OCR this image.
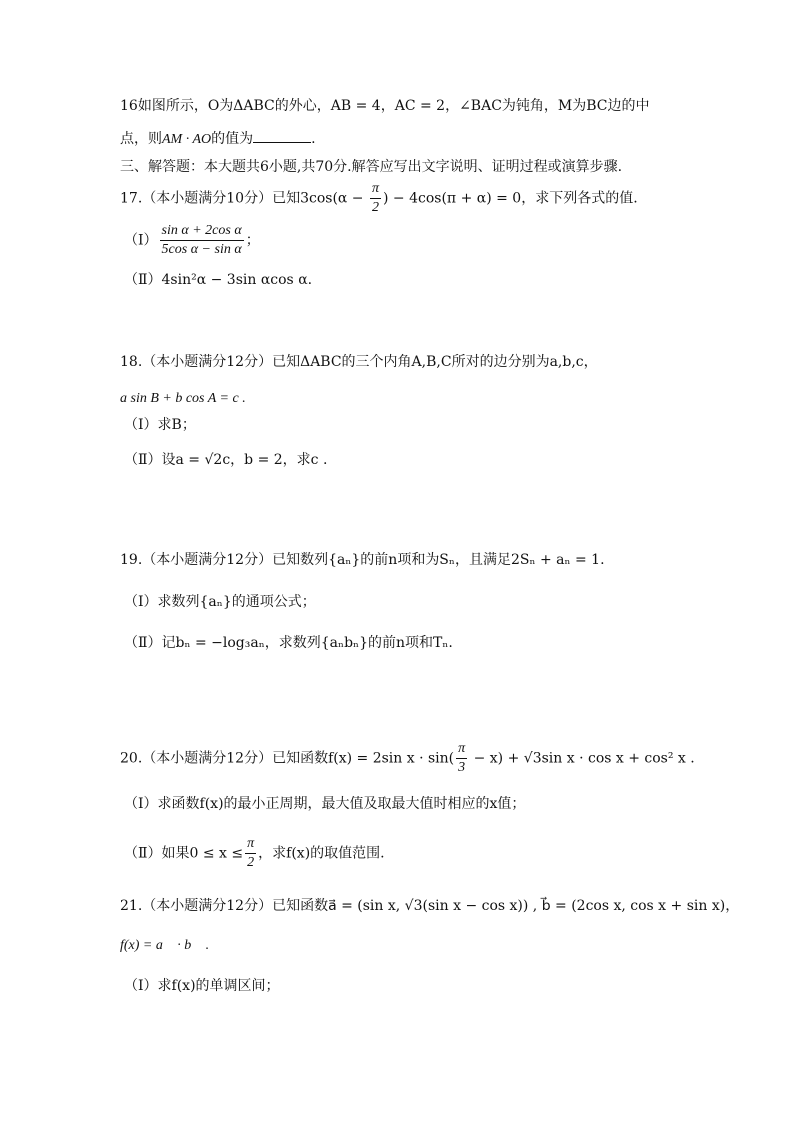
16如图所示，O为ΔABC的外心，AB = 4，AC = 2，∠BAC为钝角，M为BC边的中
点，则AM · AO的值为	.
三、解答题：本大题共6小题,共70分.解答应写出文字说明、证明过程或演算步骤.
17.（本小题满分10分）已知$3\cos(\alpha - \frac{\pi}{2}$ ) − 4cos(π + α) = 0，求下列各式的值.
（Ⅰ） $\frac{\text{sin α + 2cos α}}{\text{5cos α − sin α}}$ ；
（Ⅱ）4sin²α − 3sin αcos α.
18.（本小题满分12分）已知ΔABC的三个内角A,B,C所对的边分别为a,b,c，
a sin B + b cos A = c .
（Ⅰ）求B；
（Ⅱ）设a = √2c，b = 2，求c .
19.（本小题满分12分）已知数列{aₙ}的前n项和为Sₙ，且满足2Sₙ + aₙ = 1.
（Ⅰ）求数列{aₙ}的通项公式；
（Ⅱ）记bₙ = −log₃aₙ，求数列{aₙbₙ}的前n项和Tₙ.
20.（本小题满分12分）已知函数f(x) = 2sin $x \cdot \sin( \frac{\pi}{3} - x) + √3\sin$ x · cos x + cos² x .
（Ⅰ）求函数f(x)的最小正周期，最大值及取最大值时相应的x值；
（Ⅱ）如果$0 \le x \le \frac{\pi}{2}$ ，求f(x)的取值范围.
21.（本小题满分12分）已知函数a⃗ = (sin x, √3(sin x − cos x)) , b⃗ = (2cos x, cos x + sin x)，
f(x) = a⃗ · b⃗ .
（Ⅰ）求f(x)的单调区间；
